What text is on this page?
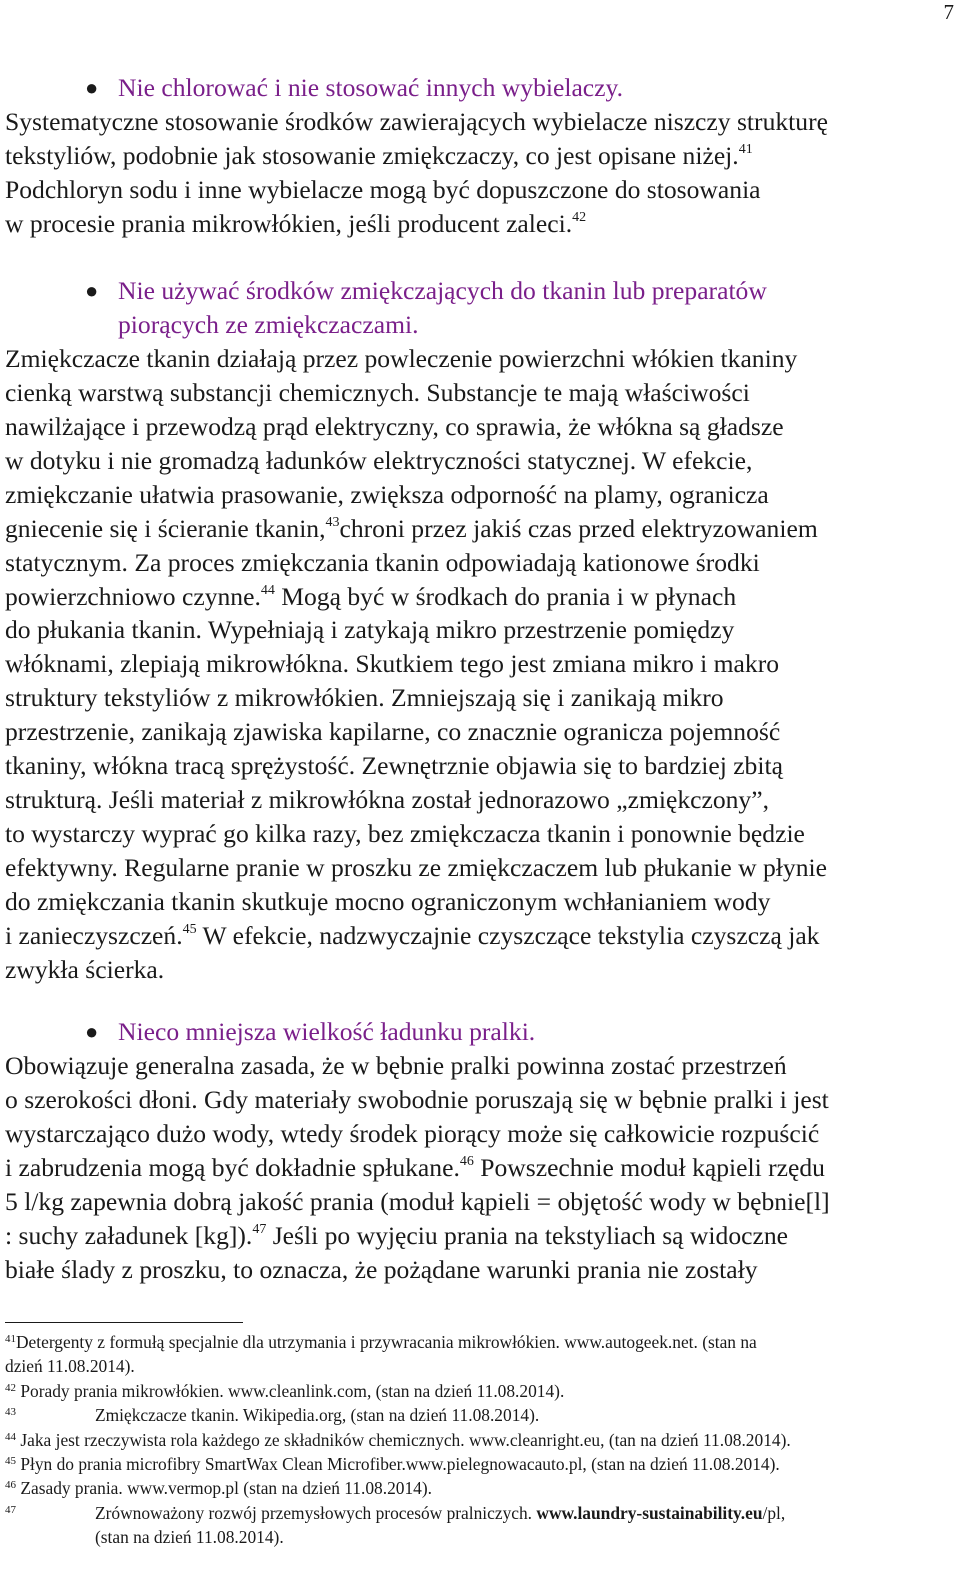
7

● Nie chlorować i nie stosować innych wybielaczy.

Systematyczne stosowanie środków zawierających wybielacze niszczy strukturę

tekstyliów, podobnie jak stosowanie zmiękczaczy, co jest opisane niżej.$^{41}$

Podchloryn sodu i inne wybielacze mogą być dopuszczone do stosowania

w procesie prania mikrowłókien, jeśli producent zaleci.$^{42}$

● Nie używać środków zmiękczających do tkanin lub preparatów

piorących ze zmiękczaczami.

Zmiękczacze tkanin działają przez powleczenie powierzchni włókien tkaniny

cienką warstwą substancji chemicznych. Substancje te mają właściwości

nawilżające i przewodzą prąd elektryczny, co sprawia, że włókna są gładsze

w dotyku i nie gromadzą ładunków elektryczności statycznej. W efekcie,

zmiękczanie ułatwia prasowanie, zwiększa odporność na plamy, ogranicza

gniecenie się i ścieranie tkanin,$^{43}$chroni przez jakiś czas przed elektryzowaniem

statycznym. Za proces zmiękczania tkanin odpowiadają kationowe środki

powierzchniowo czynne.$^{44}$ Mogą być w środkach do prania i w płynach

do płukania tkanin. Wypełniają i zatykają mikro przestrzenie pomiędzy

włóknami, zlepiają mikrowłókna. Skutkiem tego jest zmiana mikro i makro

struktury tekstyliów z mikrowłókien. Zmniejszają się i zanikają mikro

przestrzenie, zanikają zjawiska kapilarne, co znacznie ogranicza pojemność

tkaniny, włókna tracą sprężystość. Zewnętrznie objawia się to bardziej zbitą

strukturą. Jeśli materiał z mikrowłókna został jednorazowo „zmiękczony”,

to wystarczy wyprać go kilka razy, bez zmiękczacza tkanin i ponownie będzie

efektywny. Regularne pranie w proszku ze zmiękczaczem lub płukanie w płynie

do zmiękczania tkanin skutkuje mocno ograniczonym wchłanianiem wody

i zanieczyszczeń.$^{45}$ W efekcie, nadzwyczajnie czyszczące tekstylia czyszczą jak

zwykła ścierka.

● Nieco mniejsza wielkość ładunku pralki.

Obowiązuje generalna zasada, że w bębnie pralki powinna zostać przestrzeń

o szerokości dłoni. Gdy materiały swobodnie poruszają się w bębnie pralki i jest

wystarczająco dużo wody, wtedy środek piorący może się całkowicie rozpuścić

i zabrudzenia mogą być dokładnie spłukane.$^{46}$ Powszechnie moduł kąpieli rzędu

5 l/kg zapewnia dobrą jakość prania (moduł kąpieli = objętość wody w bębnie[l]

: suchy załadunek [kg]).$^{47}$ Jeśli po wyjęciu prania na tekstyliach są widoczne

białe ślady z proszku, to oznacza, że pożądane warunki prania nie zostały

$^{41}$Detergenty z formułą specjalnie dla utrzymania i przywracania mikrowłókien. www.autogeek.net. (stan na

dzień 11.08.2014).

$^{42}$ Porady prania mikrowłókien. www.cleanlink.com, (stan na dzień 11.08.2014).

$^{43}$	Zmiękczacze tkanin. Wikipedia.org, (stan na dzień 11.08.2014).

$^{44}$ Jaka jest rzeczywista rola każdego ze składników chemicznych. www.cleanright.eu, (tan na dzień 11.08.2014).

$^{45}$ Płyn do prania microfibry SmartWax Clean Microfiber.www.pielegnowacauto.pl, (stan na dzień 11.08.2014).

$^{46}$ Zasady prania. www.vermop.pl (stan na dzień 11.08.2014).

$^{47}$	Zrównoważony rozwój przemysłowych procesów pralniczych. www.laundry-sustainability.eu/pl,

(stan na dzień 11.08.2014).
